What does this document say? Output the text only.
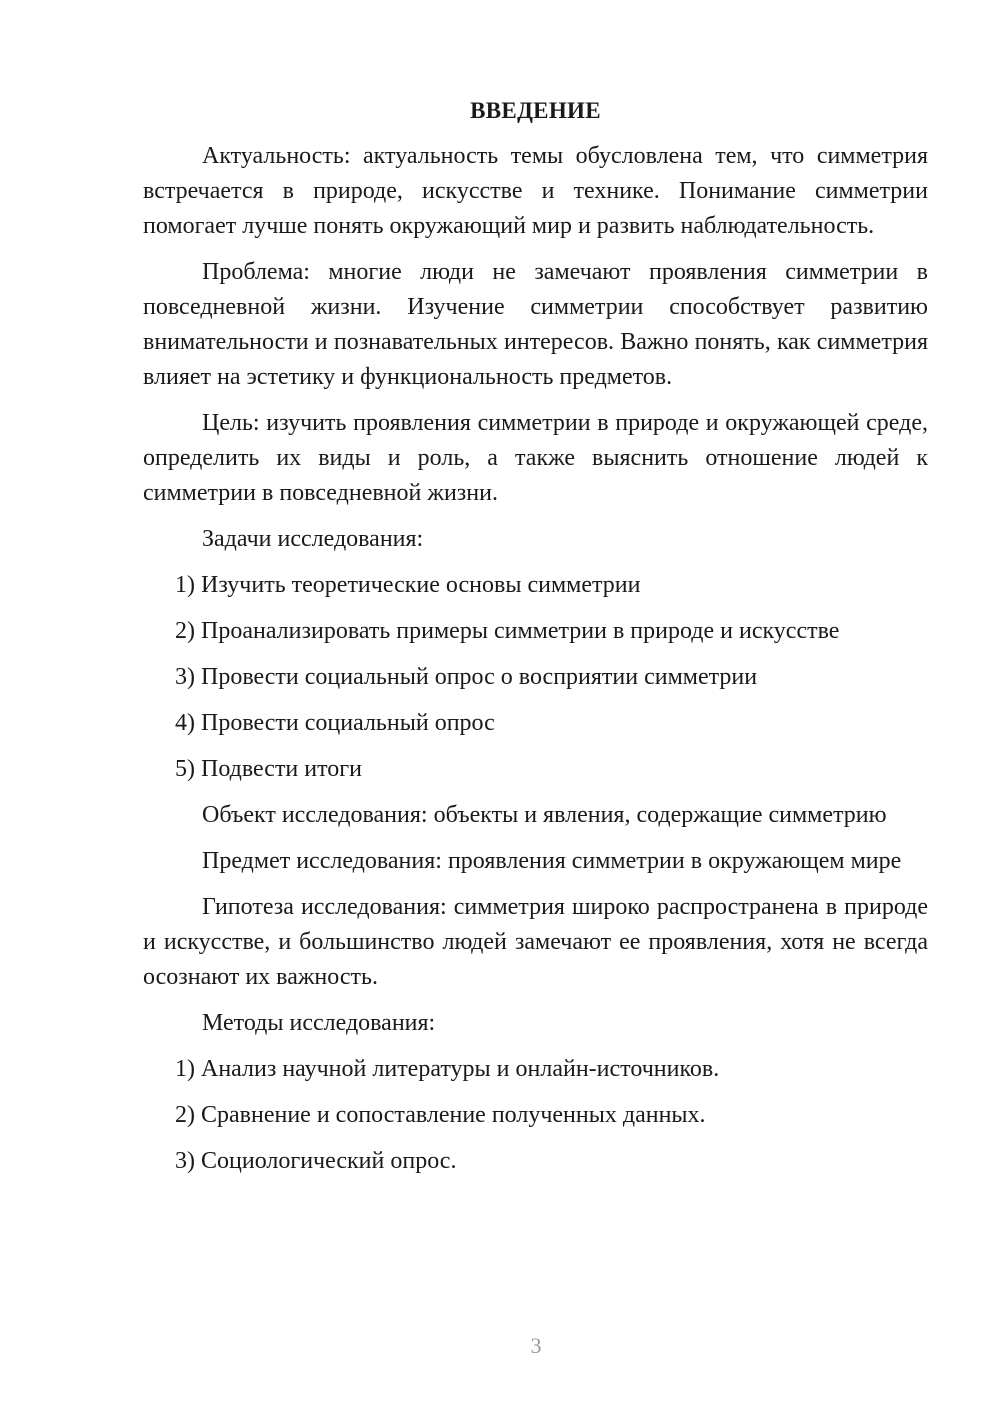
ВВЕДЕНИЕ

Актуальность: актуальность темы обусловлена тем, что симметрия встречается в природе, искусстве и технике. Понимание симметрии помогает лучше понять окружающий мир и развить наблюдательность.

Проблема: многие люди не замечают проявления симметрии в повседневной жизни. Изучение симметрии способствует развитию внимательности и познавательных интересов. Важно понять, как симметрия влияет на эстетику и функциональность предметов.

Цель: изучить проявления симметрии в природе и окружающей среде, определить их виды и роль, а также выяснить отношение людей к симметрии в повседневной жизни.

Задачи исследования:
1) Изучить теоретические основы симметрии
2) Проанализировать примеры симметрии в природе и искусстве
3) Провести социальный опрос о восприятии симметрии
4) Провести социальный опрос
5) Подвести итоги
Объект исследования: объекты и явления, содержащие симметрию
Предмет исследования: проявления симметрии в окружающем мире

Гипотеза исследования: симметрия широко распространена в природе и искусстве, и большинство людей замечают ее проявления, хотя не всегда осознают их важность.

Методы исследования:
1) Анализ научной литературы и онлайн-источников.
2) Сравнение и сопоставление полученных данных.
3) Социологический опрос.
3
